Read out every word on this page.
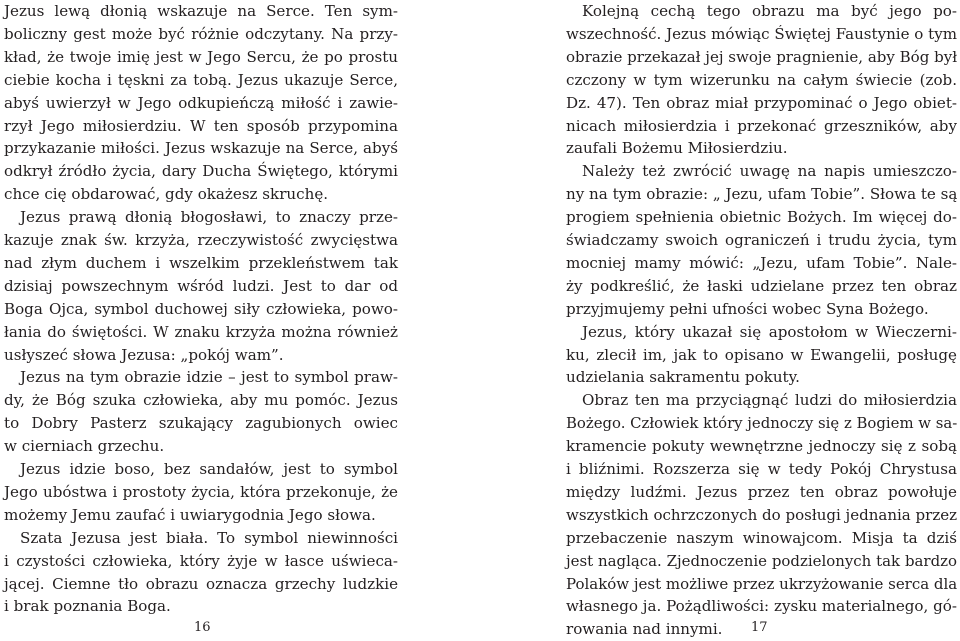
Jezus lewą dłonią wskazuje na Serce. Ten sym-
boliczny gest może być różnie odczytany. Na przy-
kład, że twoje imię jest w Jego Sercu, że po prostu
ciebie kocha i tęskni za tobą. Jezus ukazuje Serce,
abyś uwierzył w Jego odkupieńczą miłość i zawie-
rzył Jego miłosierdziu. W ten sposób przypomina
przykazanie miłości. Jezus wskazuje na Serce, abyś
odkrył źródło życia, dary Ducha Świętego, którymi
chce cię obdarować, gdy okażesz skruchę.
Jezus prawą dłonią błogosławi, to znaczy prze-
kazuje znak św. krzyża, rzeczywistość zwycięstwa
nad złym duchem i wszelkim przekleństwem tak
dzisiaj powszechnym wśród ludzi. Jest to dar od
Boga Ojca, symbol duchowej siły człowieka, powo-
łania do świętości. W znaku krzyża można również
usłyszeć słowa Jezusa: „pokój wam”.
Jezus na tym obrazie idzie – jest to symbol praw-
dy, że Bóg szuka człowieka, aby mu pomóc. Jezus
to Dobry Pasterz szukający zagubionych owiec
w cierniach grzechu.
Jezus idzie boso, bez sandałów, jest to symbol
Jego ubóstwa i prostoty życia, która przekonuje, że
możemy Jemu zaufać i uwiarygodnia Jego słowa.
Szata Jezusa jest biała. To symbol niewinności
i czystości człowieka, który żyje w łasce uświeca-
jącej. Ciemne tło obrazu oznacza grzechy ludzkie
i brak poznania Boga.
16
Kolejną cechą tego obrazu ma być jego po-
wszechność. Jezus mówiąc Świętej Faustynie o tym
obrazie przekazał jej swoje pragnienie, aby Bóg był
czczony w tym wizerunku na całym świecie (zob.
Dz. 47). Ten obraz miał przypominać o Jego obiet-
nicach miłosierdzia i przekonać grzeszników, aby
zaufali Bożemu Miłosierdziu.
Należy też zwrócić uwagę na napis umieszczo-
ny na tym obrazie: „ Jezu, ufam Tobie”. Słowa te są
progiem spełnienia obietnic Bożych. Im więcej do-
świadczamy swoich ograniczeń i trudu życia, tym
mocniej mamy mówić: „Jezu, ufam Tobie”. Nale-
ży podkreślić, że łaski udzielane przez ten obraz
przyjmujemy pełni ufności wobec Syna Bożego.
Jezus, który ukazał się apostołom w Wieczerni-
ku, zlecił im, jak to opisano w Ewangelii, posługę
udzielania sakramentu pokuty.
Obraz ten ma przyciągnąć ludzi do miłosierdzia
Bożego. Człowiek który jednoczy się z Bogiem w sa-
kramencie pokuty wewnętrzne jednoczy się z sobą
i bliźnimi. Rozszerza się w tedy Pokój Chrystusa
między ludźmi. Jezus przez ten obraz powołuje
wszystkich ochrzczonych do posługi jednania przez
przebaczenie naszym winowajcom. Misja ta dziś
jest nagląca. Zjednoczenie podzielonych tak bardzo
Polaków jest możliwe przez ukrzyżowanie serca dla
własnego ja. Pożądliwości: zysku materialnego, gó-
rowania nad innymi. 17
